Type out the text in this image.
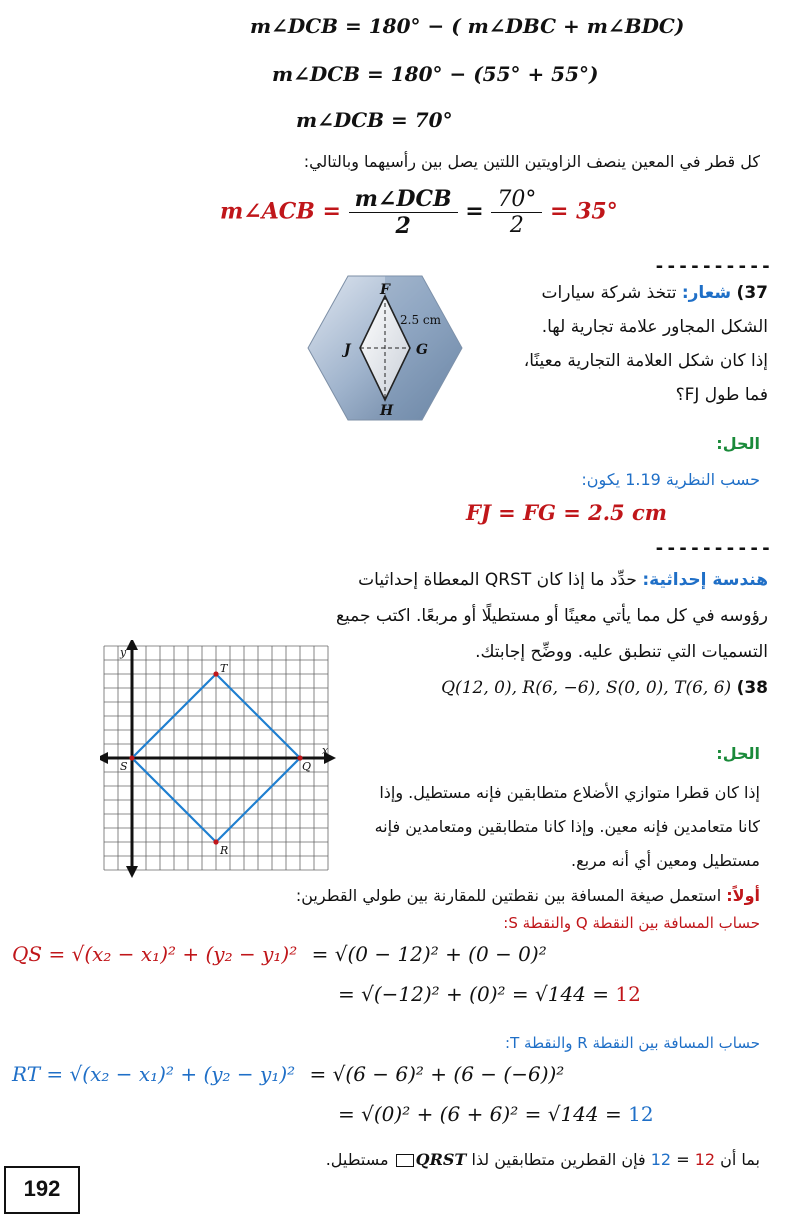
m∠DCB = 180° − ( m∠DBC + m∠BDC)
m∠DCB = 180° − (55° + 55°)
m∠DCB = 70°
كل قطر في المعين ينصف الزاويتين اللتين يصل بين رأسيهما وبالتالي:
m∠ACB = $\frac{\text{m∠DCB}}{2} = \frac{70^\circ}{2} = 35^\circ$
----------
37) شعار: تتخذ شركة سيارات
الشكل المجاور علامة تجارية لها.
إذا كان شكل العلامة التجارية معينًا،
فما طول FJ؟
F
G
H
J
2.5 cm
الحل:
حسب النظرية 1.19 يكون:
FJ = FG = 2.5 cm
----------
هندسة إحداثية: حدِّد ما إذا كان QRST المعطاة إحداثيات
رؤوسه في كل مما يأتي معينًا أو مستطيلًا أو مربعًا. اكتب جميع
التسميات التي تنطبق عليه. ووضِّح إجابتك.
Q(12, 0), R(6, −6), S(0, 0), T(6, 6) (38
S	Q
R
T
x
y
الحل:
إذا كان قطرا متوازي الأضلاع متطابقين فإنه مستطيل. وإذا
كانا متعامدين فإنه معين. وإذا كانا متطابقين ومتعامدين فإنه
مستطيل ومعين أي أنه مربع.
أولاً: استعمل صيغة المسافة بين نقطتين للمقارنة بين طولي القطرين:
حساب المسافة بين النقطة Q والنقطة S:
QS = √(x₂ − x₁)² + (y₂ − y₁)² = √(0 − 12)² + (0 − 0)²
= √(−12)² + (0)² = √144 = 12
حساب المسافة بين النقطة R والنقطة T:
RT = √(x₂ − x₁)² + (y₂ − y₁)² = √(6 − 6)² + (6 − (−6))²
= √(0)² + (6 + 6)² = √144 = 12
بما أن 12 = 12 فإن القطرين متطابقين لذا QRST مستطيل.
192
